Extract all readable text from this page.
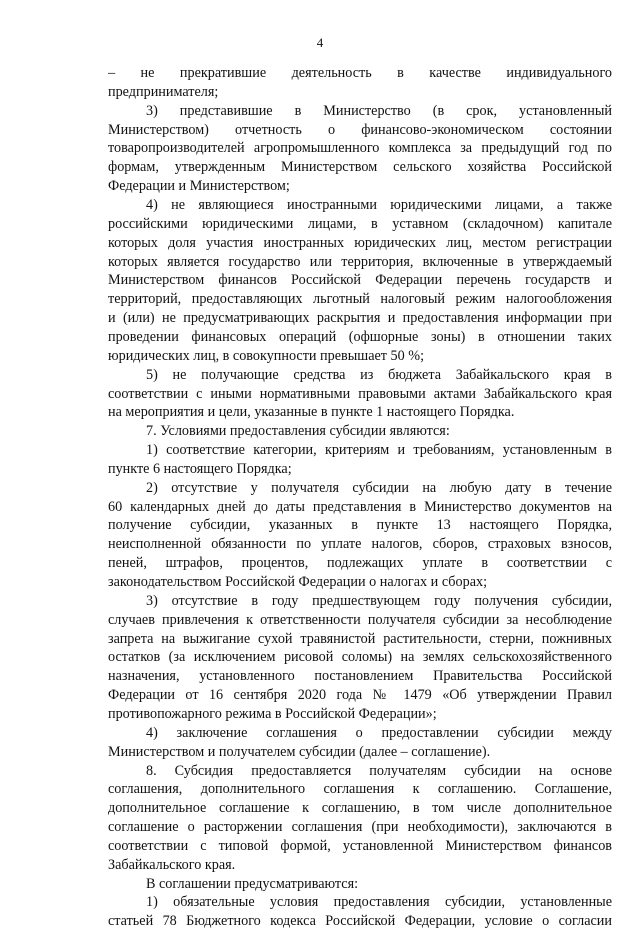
4
– не прекратившие деятельность в качестве индивидуального
предпринимателя;
3) представившие в Министерство (в срок, установленный
Министерством) отчетность о финансово-экономическом состоянии
товаропроизводителей агропромышленного комплекса за предыдущий год по
формам, утвержденным Министерством сельского хозяйства Российской
Федерации и Министерством;
4) не являющиеся иностранными юридическими лицами, а также
российскими юридическими лицами, в уставном (складочном) капитале
которых доля участия иностранных юридических лиц, местом регистрации
которых является государство или территория, включенные в утверждаемый
Министерством финансов Российской Федерации перечень государств и
территорий, предоставляющих льготный налоговый режим налогообложения
и (или) не предусматривающих раскрытия и предоставления информации при
проведении финансовых операций (офшорные зоны) в отношении таких
юридических лиц, в совокупности превышает 50 %;
5) не получающие средства из бюджета Забайкальского края в
соответствии с иными нормативными правовыми актами Забайкальского края
на мероприятия и цели, указанные в пункте 1 настоящего Порядка.
7. Условиями предоставления субсидии являются:
1) соответствие категории, критериям и требованиям, установленным в
пункте 6 настоящего Порядка;
2) отсутствие у получателя субсидии на любую дату в течение
60 календарных дней до даты представления в Министерство документов на
получение субсидии, указанных в пункте 13 настоящего Порядка,
неисполненной обязанности по уплате налогов, сборов, страховых взносов,
пеней, штрафов, процентов, подлежащих уплате в соответствии с
законодательством Российской Федерации о налогах и сборах;
3) отсутствие в году предшествующем году получения субсидии,
случаев привлечения к ответственности получателя субсидии за несоблюдение
запрета на выжигание сухой травянистой растительности, стерни, пожнивных
остатков (за исключением рисовой соломы) на землях сельскохозяйственного
назначения, установленного постановлением Правительства Российской
Федерации от 16 сентября 2020 года № 1479 «Об утверждении Правил
противопожарного режима в Российской Федерации»;
4) заключение соглашения о предоставлении субсидии между
Министерством и получателем субсидии (далее – соглашение).
8. Субсидия предоставляется получателям субсидии на основе
соглашения, дополнительного соглашения к соглашению. Соглашение,
дополнительное соглашение к соглашению, в том числе дополнительное
соглашение о расторжении соглашения (при необходимости), заключаются в
соответствии с типовой формой, установленной Министерством финансов
Забайкальского края.
В соглашении предусматриваются:
1) обязательные условия предоставления субсидии, установленные
статьей 78 Бюджетного кодекса Российской Федерации, условие о согласии
